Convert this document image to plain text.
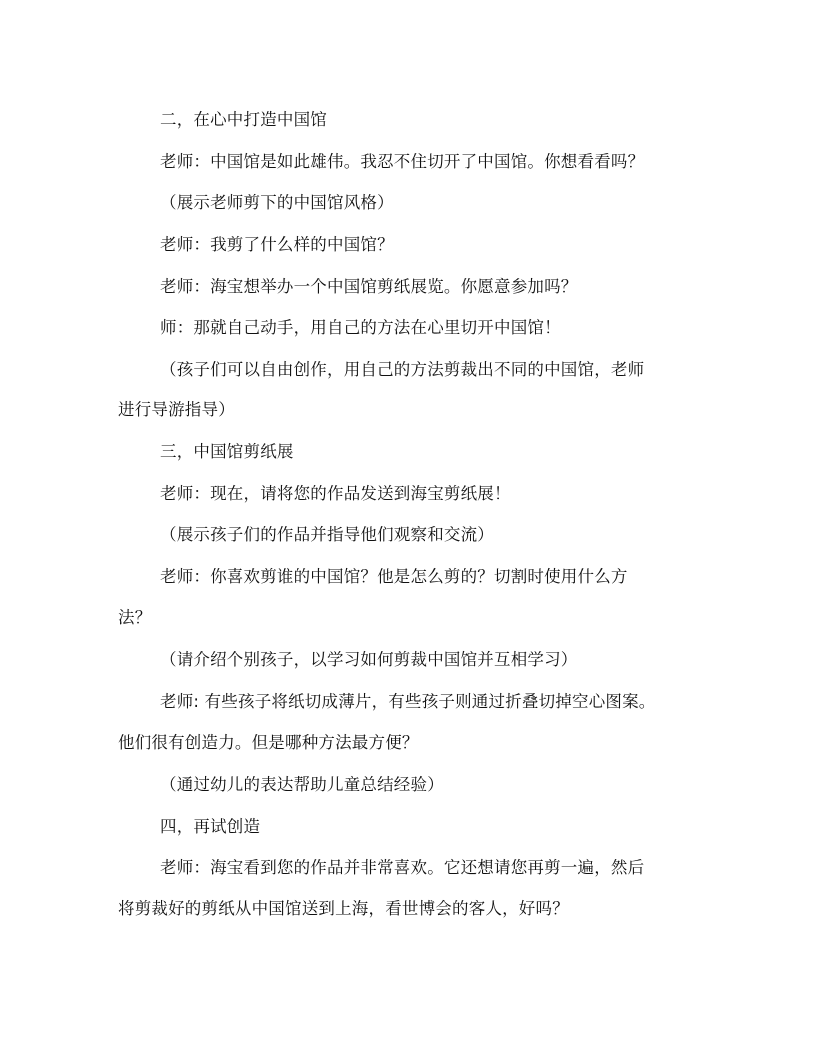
二，在心中打造中国馆
老师：中国馆是如此雄伟。我忍不住切开了中国馆。你想看看吗？
（展示老师剪下的中国馆风格）
老师：我剪了什么样的中国馆？
老师：海宝想举办一个中国馆剪纸展览。你愿意参加吗？
师：那就自己动手，用自己的方法在心里切开中国馆！
（孩子们可以自由创作，用自己的方法剪裁出不同的中国馆，老师
进行导游指导）
三，中国馆剪纸展
老师：现在，请将您的作品发送到海宝剪纸展！
（展示孩子们的作品并指导他们观察和交流）
老师：你喜欢剪谁的中国馆？他是怎么剪的？切割时使用什么方
法？
（请介绍个别孩子，以学习如何剪裁中国馆并互相学习）
老师: 有些孩子将纸切成薄片，有些孩子则通过折叠切掉空心图案。
他们很有创造力。但是哪种方法最方便？
（通过幼儿的表达帮助儿童总结经验）
四，再试创造
老师：海宝看到您的作品并非常喜欢。它还想请您再剪一遍，然后
将剪裁好的剪纸从中国馆送到上海，看世博会的客人，好吗？
